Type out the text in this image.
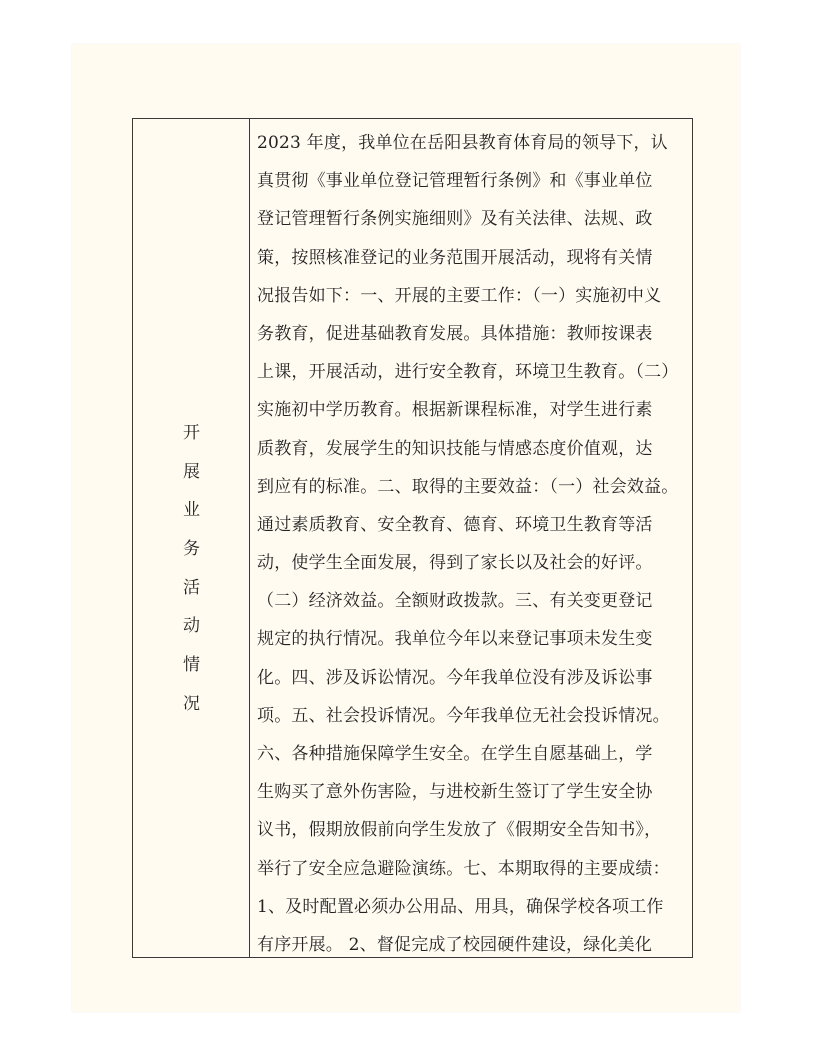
开
展
业
务
活
动
情
况
2023 年度，我单位在岳阳县教育体育局的领导下，认
真贯彻《事业单位登记管理暂行条例》和《事业单位
登记管理暂行条例实施细则》及有关法律、法规、政
策，按照核准登记的业务范围开展活动，现将有关情
况报告如下：一、开展的主要工作：（一）实施初中义
务教育，促进基础教育发展。具体措施：教师按课表
上课，开展活动，进行安全教育，环境卫生教育。（二）
实施初中学历教育。根据新课程标准，对学生进行素
质教育，发展学生的知识技能与情感态度价值观，达
到应有的标准。二、取得的主要效益：（一）社会效益。
通过素质教育、安全教育、德育、环境卫生教育等活
动，使学生全面发展，得到了家长以及社会的好评。
（二）经济效益。全额财政拨款。三、有关变更登记
规定的执行情况。我单位今年以来登记事项未发生变
化。四、涉及诉讼情况。今年我单位没有涉及诉讼事
项。五、社会投诉情况。今年我单位无社会投诉情况。
六、各种措施保障学生安全。在学生自愿基础上，学
生购买了意外伤害险，与进校新生签订了学生安全协
议书，假期放假前向学生发放了《假期安全告知书》，
举行了安全应急避险演练。七、本期取得的主要成绩：
1、及时配置必须办公用品、用具，确保学校各项工作
有序开展。 2、督促完成了校园硬件建设，绿化美化
